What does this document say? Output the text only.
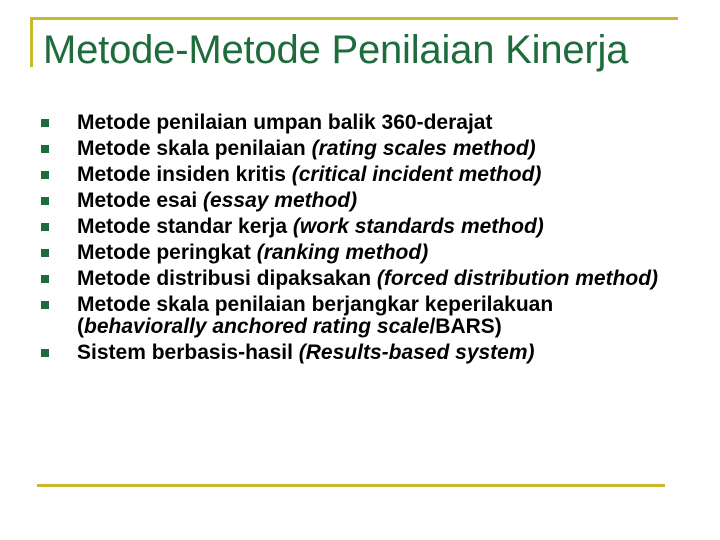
Metode-Metode Penilaian Kinerja
Metode penilaian umpan balik 360-derajat
Metode skala penilaian (rating scales method)
Metode insiden kritis (critical incident method)
Metode esai (essay method)
Metode standar kerja (work standards method)
Metode peringkat (ranking method)
Metode distribusi dipaksakan (forced distribution method)
Metode skala penilaian berjangkar keperilakuan (behaviorally anchored rating scale/BARS)
Sistem berbasis-hasil (Results-based system)
